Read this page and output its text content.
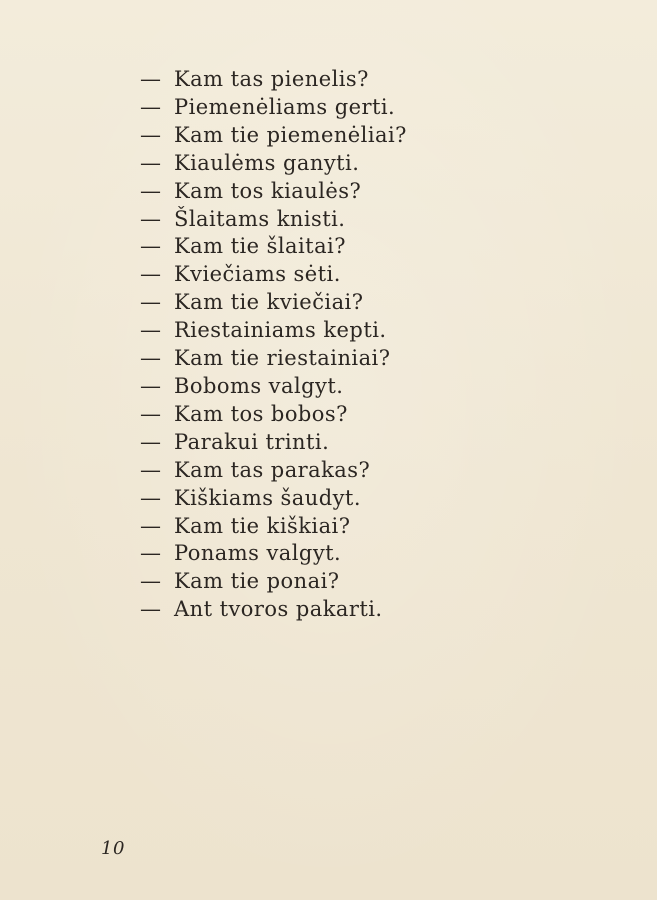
— Kam tas pienelis?
— Piemenėliams gerti.
— Kam tie piemenėliai?
— Kiaulėms ganyti.
— Kam tos kiaulės?
— Šlaitams knisti.
— Kam tie šlaitai?
— Kviečiams sėti.
— Kam tie kviečiai?
— Riestainiams kepti.
— Kam tie riestainiai?
— Boboms valgyt.
— Kam tos bobos?
— Parakui trinti.
— Kam tas parakas?
— Kiškiams šaudyt.
— Kam tie kiškiai?
— Ponams valgyt.
— Kam tie ponai?
— Ant tvoros pakarti.
10
